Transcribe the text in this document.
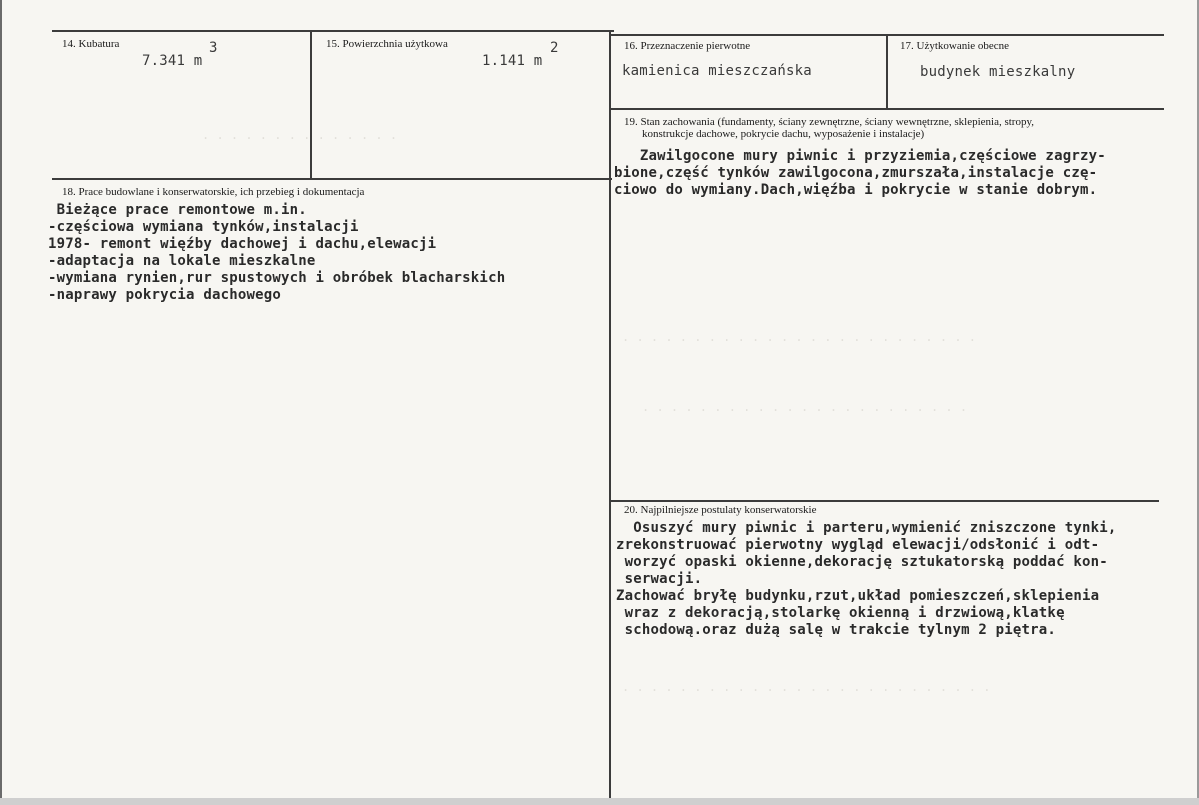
. . . . . . . . . . . . . .
. . . . . . . . . . . . . . . . . . . . . . . . .
. . . . . . . . . . . . . . . . . . . . . . .
. . . . . . . . . . . . . . . . . . . . . . . . . .
14. Kubatura
7.341 m
3	15. Powierzchnia użytkowa
1.141 m
2	16. Przeznaczenie pierwotne
kamienica mieszczańska
17. Użytkowanie obecne
budynek mieszkalny
18. Prace budowlane i konserwatorskie, ich przebieg i dokumentacja
Bieżące prace remontowe m.in.
-częściowa wymiana tynków,instalacji
1978- remont więźby dachowej i dachu,elewacji
-adaptacja na lokale mieszkalne
-wymiana rynien,rur spustowych i obróbek blacharskich
-naprawy pokrycia dachowego
19. Stan zachowania (fundamenty, ściany zewnętrzne, ściany wewnętrzne, sklepienia, stropy,
konstrukcje dachowe, pokrycie dachu, wyposażenie i instalacje)
Zawilgocone mury piwnic i przyziemia,częściowe zagrzy-
bione,część tynków zawilgocona,zmurszała,instalacje czę-
ciowo do wymiany.Dach,więźba i pokrycie w stanie dobrym.
20. Najpilniejsze postulaty konserwatorskie
Osuszyć mury piwnic i parteru,wymienić zniszczone tynki,
zrekonstruować pierwotny wygląd elewacji/odsłonić i odt-
worzyć opaski okienne,dekorację sztukatorską poddać kon-
serwacji.
Zachować bryłę budynku,rzut,układ pomieszczeń,sklepienia
wraz z dekoracją,stolarkę okienną i drzwiową,klatkę
schodową.oraz dużą salę w trakcie tylnym 2 piętra.
